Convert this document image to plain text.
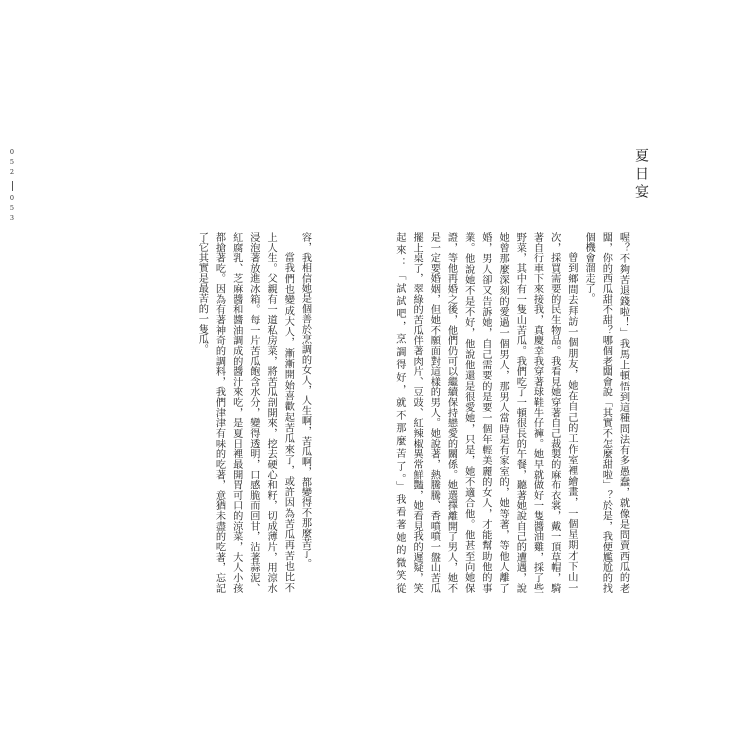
052
053
夏日宴
喔？不夠苦退錢啦！」我馬上頓悟到這種問法有多愚蠢，就像是問賣西瓜的老
闆，你的西瓜甜不甜？哪個老闆會說「其實不怎麼甜啦」？於是，我便尷尬的找
個機會溜走了。
曾到鄉間去拜訪一個朋友，她在自己的工作室裡繪畫，一個星期才下山一
次，採買需要的民生物品。我看見她穿著自己裁製的麻布衣裳，戴一頂草帽，騎
著自行車下來接我，真慶幸我穿著球鞋牛仔褲。她早就做好一隻醬油雞，採了些
野菜，其中有一隻山苦瓜。我們吃了一頓很長的午餐，聽著她說自己的遭遇，說
她曾那麼深刻的愛過一個男人，那男人當時是有家室的，她等著，等他人離了
婚，男人卻又告訴她，自己需要的是要一個年輕美麗的女人，才能幫助他的事
業。他說她不是不好，他說他還是很愛她，只是，她不適合他。他甚至向她保
證，等他再婚之後，他們仍可以繼續保持戀愛的關係。她選擇離開了男人，她不
是一定要婚姻，但她不願面對這樣的男人。她說著，熱騰騰、香噴噴一盤山苦瓜
擺上桌了，翠綠的苦瓜伴著肉片、豆豉、紅辣椒異常鮮豔，她看見我的遲疑，笑
起來：「試試吧，烹調得好，就不那麼苦了。」我看著她的微笑從
容，我相信她是個善於烹調的女人，人生啊，苦瓜啊，都變得不那麼苦了。
當我們也變成大人，漸漸開始喜歡起苦瓜來了，或許因為苦瓜再苦也比不
上人生。父親有一道私房菜，將苦瓜剖開來，挖去硬心和籽，切成薄片，用涼水
浸泡著放進冰箱。每一片苦瓜飽含水分，變得透明，口感脆而回甘，沾著蒜泥、
紅腐乳、芝麻醬和醬油調成的醬汁來吃，是夏日裡最開胃可口的涼菜，大人小孩
都搶著吃。因為有著神奇的調料，我們津津有味的吃著，意猶未盡的吃著，忘記
了它其實是最苦的一隻瓜。
